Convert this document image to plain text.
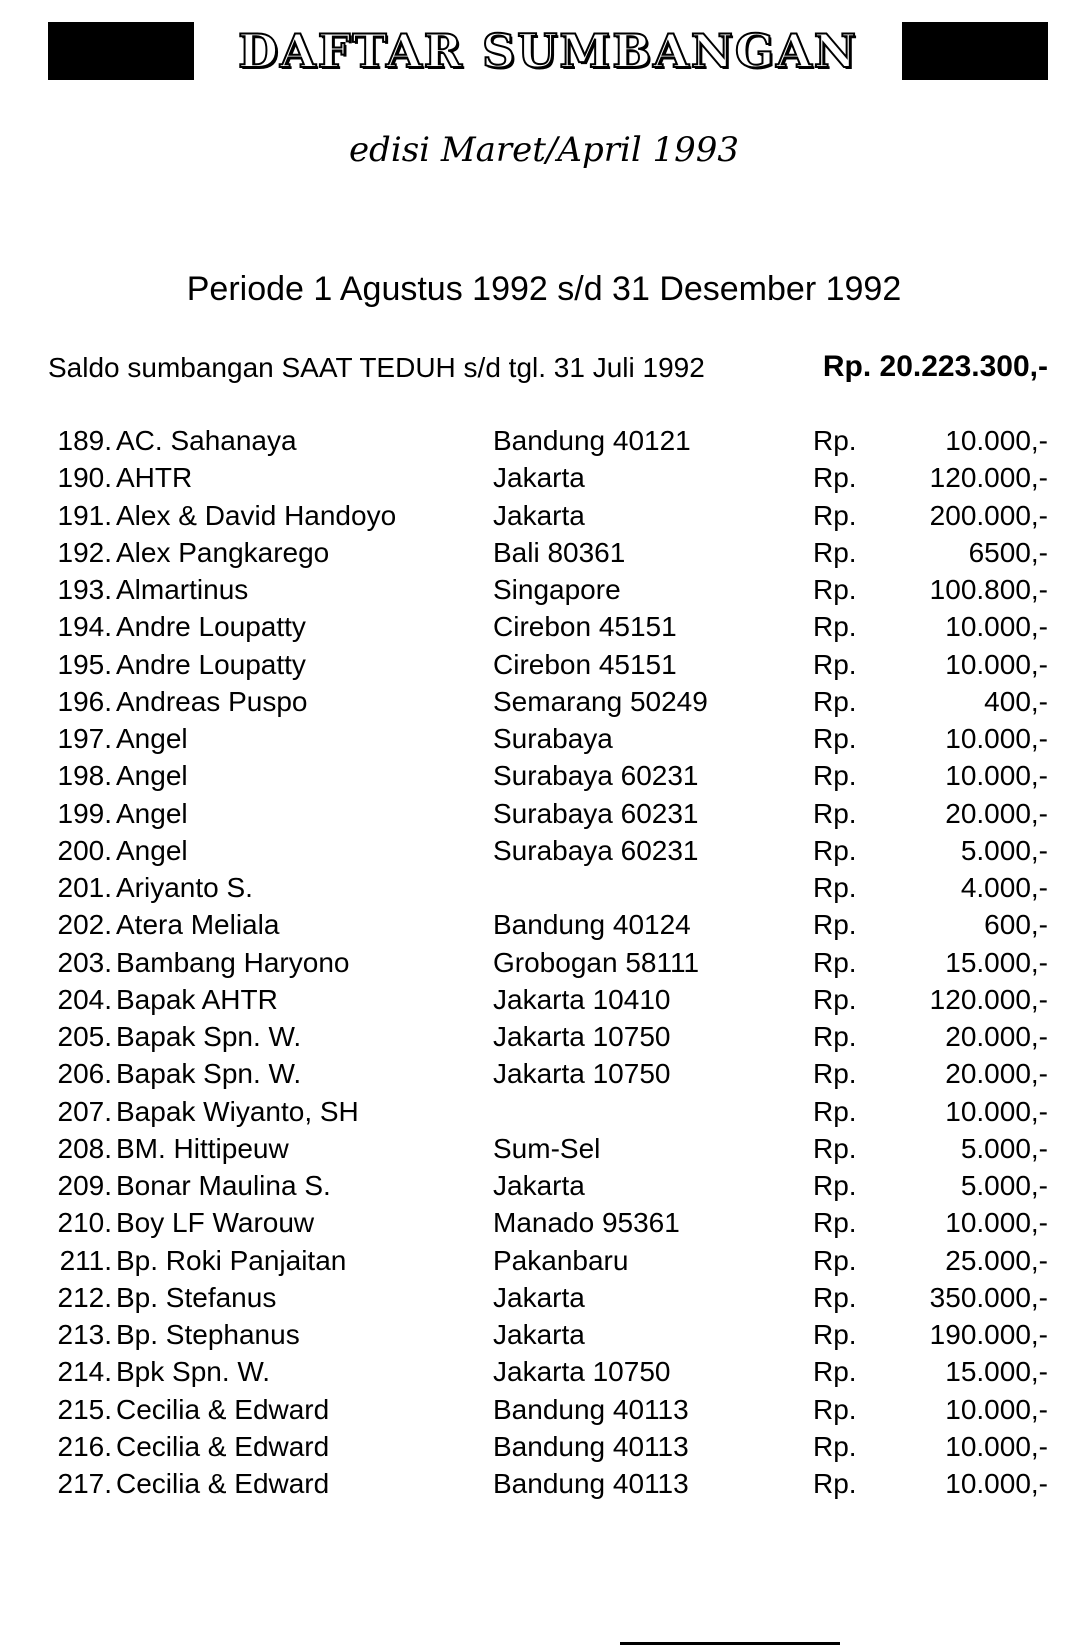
DAFTAR SUMBANGAN
edisi Maret/April 1993
Periode 1 Agustus 1992 s/d 31 Desember 1992
Saldo sumbangan SAAT TEDUH s/d tgl. 31 Juli 1992	Rp. 20.223.300,-
189. AC. Sahanaya	Bandung 40121	Rp.	10.000,-
190. AHTR	Jakarta	Rp.	120.000,-
191. Alex & David Handoyo	Jakarta	Rp.	200.000,-
192. Alex Pangkarego	Bali 80361	Rp.	6500,-
193. Almartinus	Singapore	Rp.	100.800,-
194. Andre Loupatty	Cirebon 45151	Rp.	10.000,-
195. Andre Loupatty	Cirebon 45151	Rp.	10.000,-
196. Andreas Puspo	Semarang 50249	Rp.	400,-
197. Angel	Surabaya	Rp.	10.000,-
198. Angel	Surabaya 60231	Rp.	10.000,-
199. Angel	Surabaya 60231	Rp.	20.000,-
200. Angel	Surabaya 60231	Rp.	5.000,-
201. Ariyanto S.	Rp.	4.000,-
202. Atera Meliala	Bandung 40124	Rp.	600,-
203. Bambang Haryono	Grobogan 58111	Rp.	15.000,-
204. Bapak AHTR	Jakarta 10410	Rp.	120.000,-
205. Bapak Spn. W.	Jakarta 10750	Rp.	20.000,-
206. Bapak Spn. W.	Jakarta 10750	Rp.	20.000,-
207. Bapak Wiyanto, SH	Rp.	10.000,-
208. BM. Hittipeuw	Sum-Sel	Rp.	5.000,-
209. Bonar Maulina S.	Jakarta	Rp.	5.000,-
210. Boy LF Warouw	Manado 95361	Rp.	10.000,-
211. Bp. Roki Panjaitan	Pakanbaru	Rp.	25.000,-
212. Bp. Stefanus	Jakarta	Rp.	350.000,-
213. Bp. Stephanus	Jakarta	Rp.	190.000,-
214. Bpk Spn. W.	Jakarta 10750	Rp.	15.000,-
215. Cecilia & Edward	Bandung 40113	Rp.	10.000,-
216. Cecilia & Edward	Bandung 40113	Rp.	10.000,-
217. Cecilia & Edward	Bandung 40113	Rp.	10.000,-
